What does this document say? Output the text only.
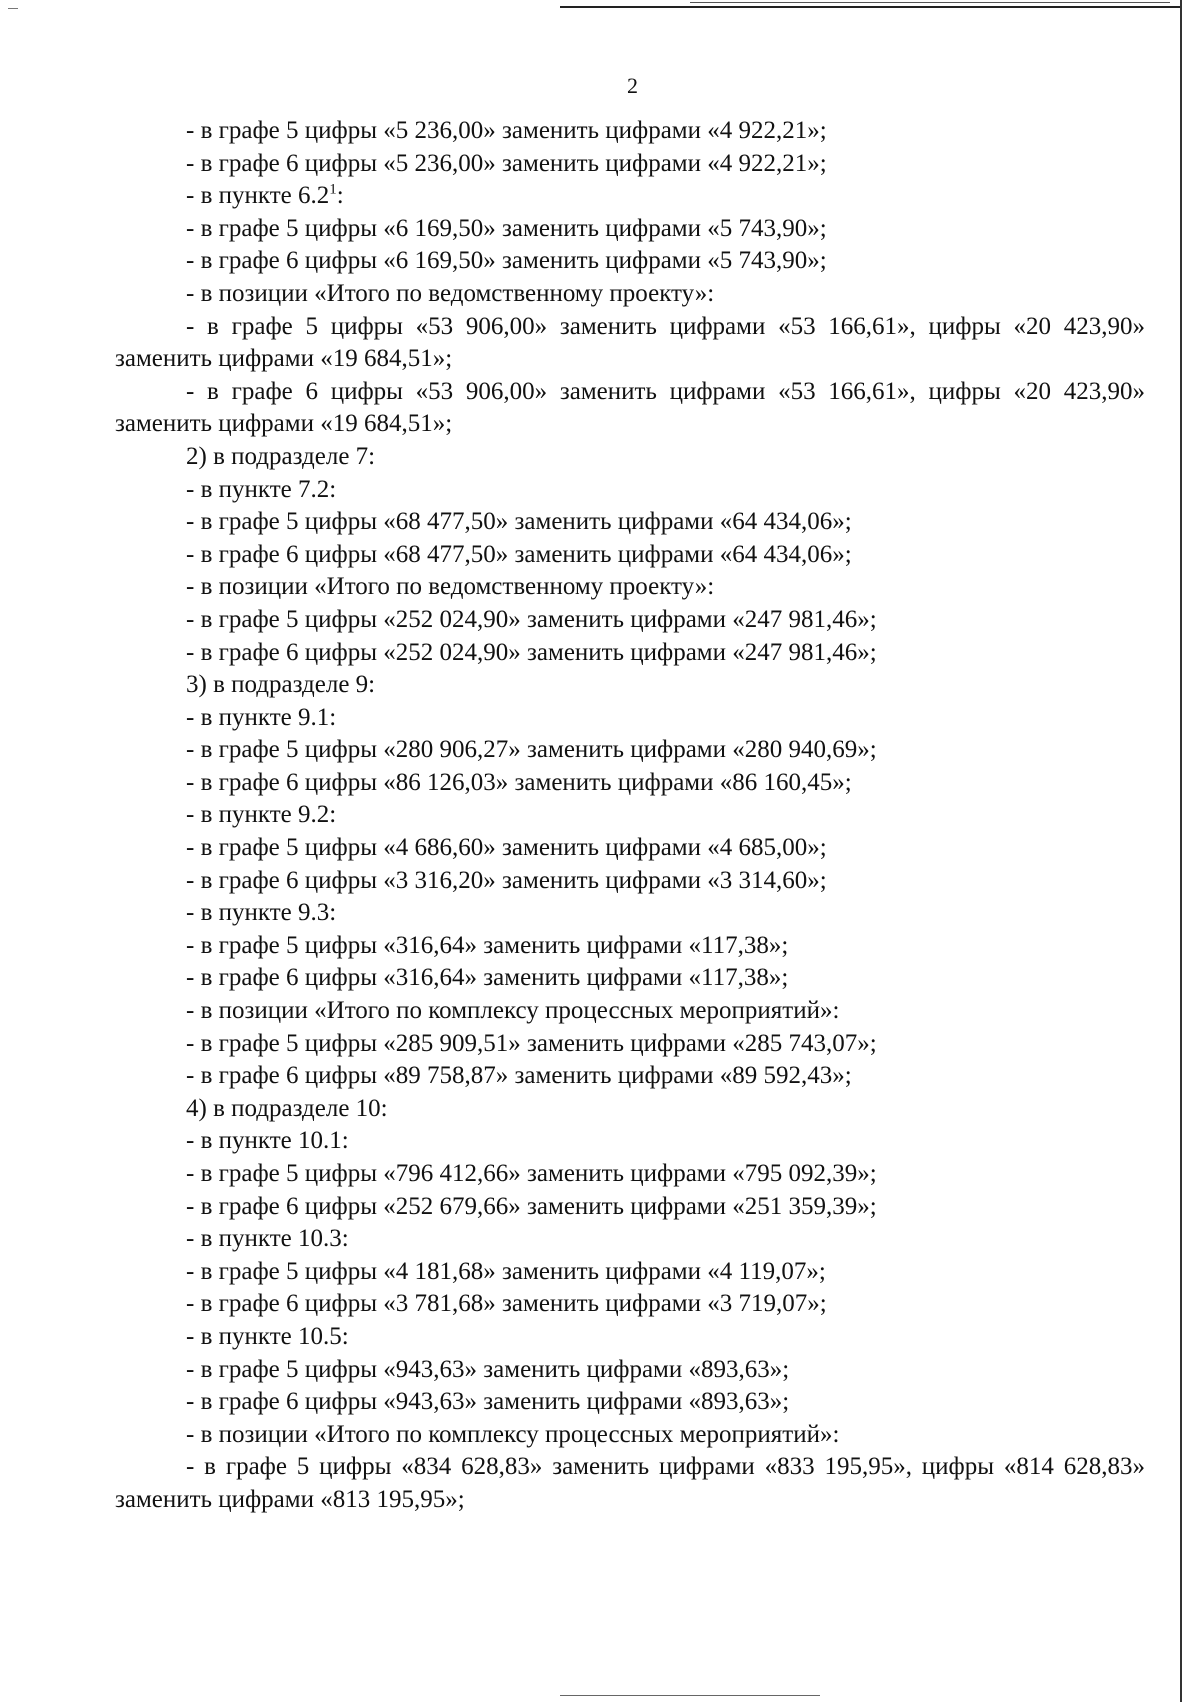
2

- в графе 5 цифры «5 236,00» заменить цифрами «4 922,21»;

- в графе 6 цифры «5 236,00» заменить цифрами «4 922,21»;

- в пункте $6.2^1$:

- в графе 5 цифры «6 169,50» заменить цифрами «5 743,90»;

- в графе 6 цифры «6 169,50» заменить цифрами «5 743,90»;

- в позиции «Итого по ведомственному проекту»:

- в графе 5 цифры «53 906,00» заменить цифрами «53 166,61», цифры «20 423,90» заменить цифрами «19 684,51»;

- в графе 6 цифры «53 906,00» заменить цифрами «53 166,61», цифры «20 423,90» заменить цифрами «19 684,51»;

2) в подразделе 7:

- в пункте 7.2:

- в графе 5 цифры «68 477,50» заменить цифрами «64 434,06»;

- в графе 6 цифры «68 477,50» заменить цифрами «64 434,06»;

- в позиции «Итого по ведомственному проекту»:

- в графе 5 цифры «252 024,90» заменить цифрами «247 981,46»;

- в графе 6 цифры «252 024,90» заменить цифрами «247 981,46»;

3) в подразделе 9:

- в пункте 9.1:

- в графе 5 цифры «280 906,27» заменить цифрами «280 940,69»;

- в графе 6 цифры «86 126,03» заменить цифрами «86 160,45»;

- в пункте 9.2:

- в графе 5 цифры «4 686,60» заменить цифрами «4 685,00»;

- в графе 6 цифры «3 316,20» заменить цифрами «3 314,60»;

- в пункте 9.3:

- в графе 5 цифры «316,64» заменить цифрами «117,38»;

- в графе 6 цифры «316,64» заменить цифрами «117,38»;

- в позиции «Итого по комплексу процессных мероприятий»:

- в графе 5 цифры «285 909,51» заменить цифрами «285 743,07»;

- в графе 6 цифры «89 758,87» заменить цифрами «89 592,43»;

4) в подразделе 10:

- в пункте 10.1:

- в графе 5 цифры «796 412,66» заменить цифрами «795 092,39»;

- в графе 6 цифры «252 679,66» заменить цифрами «251 359,39»;

- в пункте 10.3:

- в графе 5 цифры «4 181,68» заменить цифрами «4 119,07»;

- в графе 6 цифры «3 781,68» заменить цифрами «3 719,07»;

- в пункте 10.5:

- в графе 5 цифры «943,63» заменить цифрами «893,63»;

- в графе 6 цифры «943,63» заменить цифрами «893,63»;

- в позиции «Итого по комплексу процессных мероприятий»:

- в графе 5 цифры «834 628,83» заменить цифрами «833 195,95», цифры «814 628,83» заменить цифрами «813 195,95»;
